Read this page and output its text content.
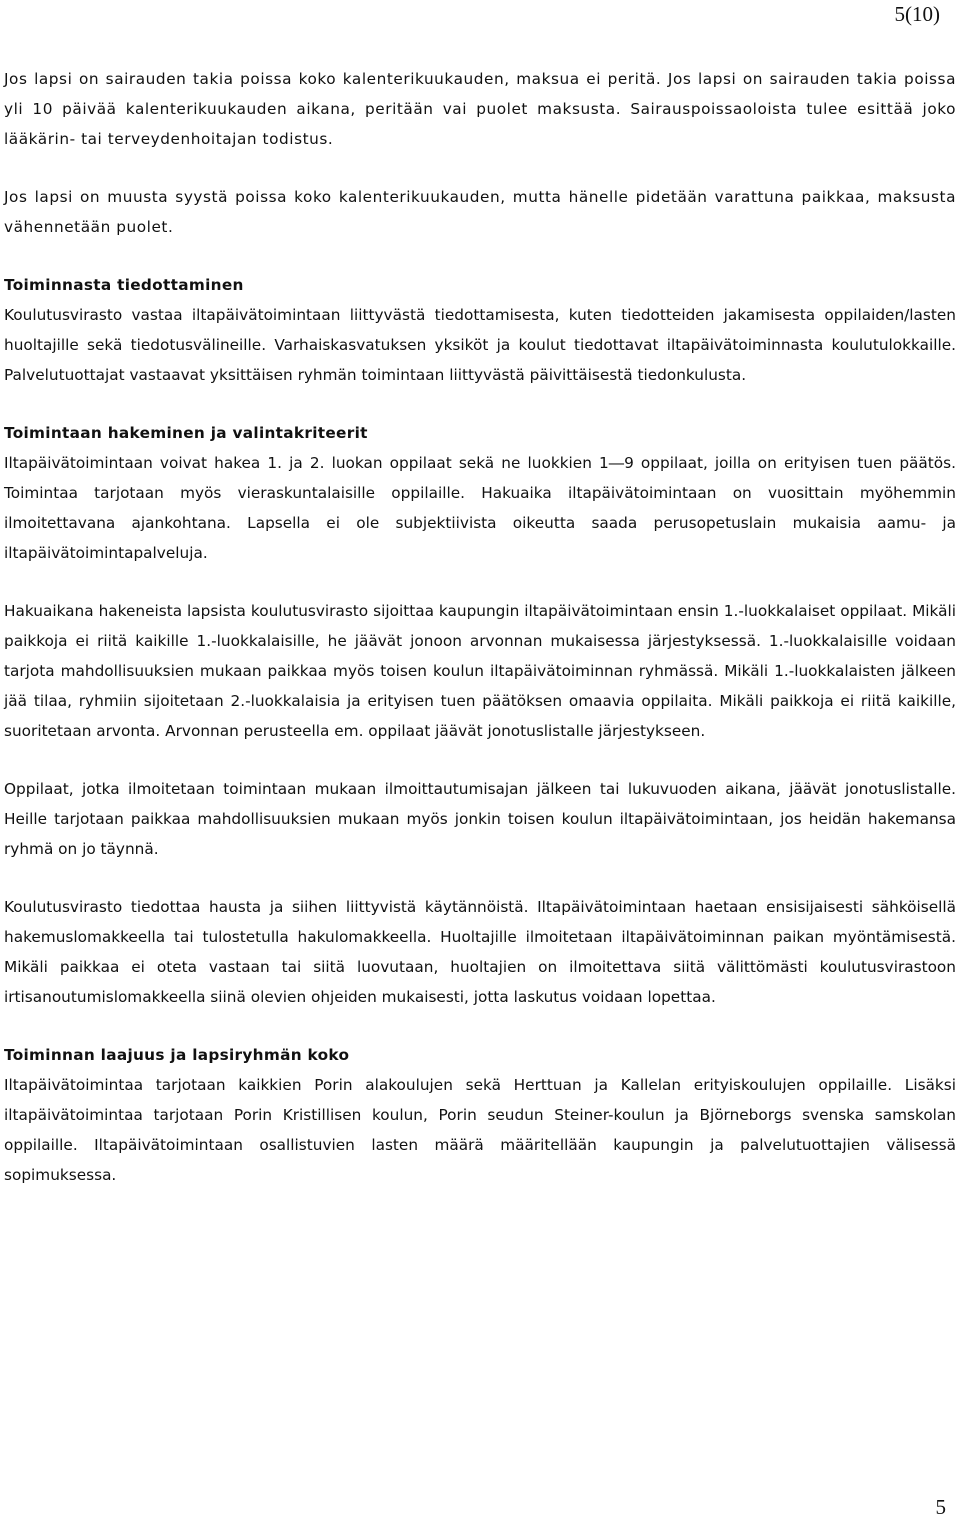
5(10)

Jos lapsi on sairauden takia poissa koko kalenterikuukauden, maksua ei peritä. Jos lapsi on sairauden takia poissa yli 10 päivää kalenterikuukauden aikana, peritään vai puolet maksusta. Sairauspoissaoloista tulee esittää joko lääkärin- tai terveydenhoitajan todistus.

Jos lapsi on muusta syystä poissa koko kalenterikuukauden, mutta hänelle pidetään varattuna paikkaa, maksusta vähennetään puolet.

Toiminnasta tiedottaminen

Koulutusvirasto vastaa iltapäivätoimintaan liittyvästä tiedottamisesta, kuten tiedotteiden jakamisesta oppilaiden/lasten huoltajille sekä tiedotusvälineille. Varhaiskasvatuksen yksiköt ja koulut tiedottavat iltapäivätoiminnasta koulutulokkaille. Palvelutuottajat vastaavat yksittäisen ryhmän toimintaan liittyvästä päivittäisestä tiedonkulusta.

Toimintaan hakeminen ja valintakriteerit

Iltapäivätoimintaan voivat hakea 1. ja 2. luokan oppilaat sekä ne luokkien 1―9 oppilaat, joilla on erityisen tuen päätös. Toimintaa tarjotaan myös vieraskuntalaisille oppilaille. Hakuaika iltapäivätoimintaan on vuosittain myöhemmin ilmoitettavana ajankohtana. Lapsella ei ole subjektiivista oikeutta saada perusopetuslain mukaisia aamu- ja iltapäivätoimintapalveluja.

Hakuaikana hakeneista lapsista koulutusvirasto sijoittaa kaupungin iltapäivätoimintaan ensin 1.-luokkalaiset oppilaat. Mikäli paikkoja ei riitä kaikille 1.-luokkalaisille, he jäävät jonoon arvonnan mukaisessa järjestyksessä. 1.-luokkalaisille voidaan tarjota mahdollisuuksien mukaan paikkaa myös toisen koulun iltapäivätoiminnan ryhmässä. Mikäli 1.-luokkalaisten jälkeen jää tilaa, ryhmiin sijoitetaan 2.-luokkalaisia ja erityisen tuen päätöksen omaavia oppilaita. Mikäli paikkoja ei riitä kaikille, suoritetaan arvonta. Arvonnan perusteella em. oppilaat jäävät jonotuslistalle järjestykseen.

Oppilaat, jotka ilmoitetaan toimintaan mukaan ilmoittautumisajan jälkeen tai lukuvuoden aikana, jäävät jonotuslistalle. Heille tarjotaan paikkaa mahdollisuuksien mukaan myös jonkin toisen koulun iltapäivätoimintaan, jos heidän hakemansa ryhmä on jo täynnä.

Koulutusvirasto tiedottaa hausta ja siihen liittyvistä käytännöistä. Iltapäivätoimintaan haetaan ensisijaisesti sähköisellä hakemuslomakkeella tai tulostetulla hakulomakkeella. Huoltajille ilmoitetaan iltapäivätoiminnan paikan myöntämisestä. Mikäli paikkaa ei oteta vastaan tai siitä luovutaan, huoltajien on ilmoitettava siitä välittömästi koulutusvirastoon irtisanoutumislomakkeella siinä olevien ohjeiden mukaisesti, jotta laskutus voidaan lopettaa.

Toiminnan laajuus ja lapsiryhmän koko

Iltapäivätoimintaa tarjotaan kaikkien Porin alakoulujen sekä Herttuan ja Kallelan erityiskoulujen oppilaille. Lisäksi iltapäivätoimintaa tarjotaan Porin Kristillisen koulun, Porin seudun Steiner-koulun ja Björneborgs svenska samskolan oppilaille. Iltapäivätoimintaan osallistuvien lasten määrä määritellään kaupungin ja palvelutuottajien välisessä sopimuksessa.

5
